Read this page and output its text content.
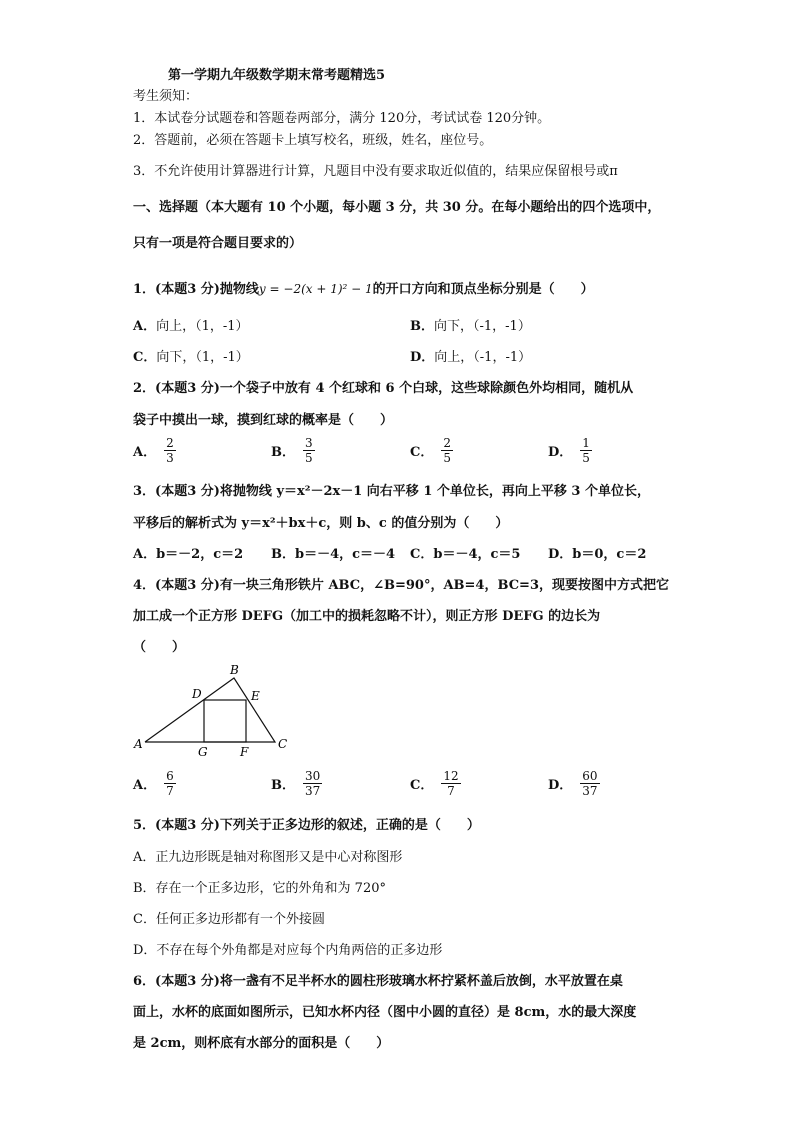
第一学期九年级数学期末常考题精选5
考生须知：
1．本试卷分试题卷和答题卷两部分，满分 120分，考试试卷 120分钟。
2．答题前，必须在答题卡上填写校名，班级，姓名，座位号。
3．不允许使用计算器进行计算，凡题目中没有要求取近似值的，结果应保留根号或π
一、选择题（本大题有 10 个小题，每小题 3 分，共 30 分。在每小题给出的四个选项中，
只有一项是符合题目要求的）
1．(本题3 分)抛物线y = −2(x + 1)² − 1的开口方向和顶点坐标分别是（　　）
A． 向上，（1，-1）	B． 向下，（-1，-1）
C． 向下，（1，-1）	D． 向上，（-1，-1）
2．(本题3 分)一个袋子中放有 4 个红球和 6 个白球，这些球除颜色外均相同，随机从
袋子中摸出一球，摸到红球的概率是（　　）
A． $\frac{2}{3}$	B． $\frac{3}{5}$	C． $\frac{2}{5}$	D． $\frac{1}{5}$
3．(本题3 分)将抛物线 y＝x²－2x－1 向右平移 1 个单位长，再向上平移 3 个单位长，
平移后的解析式为 y＝x²＋bx＋c，则 b、c 的值分别为（　　）
A． b＝－2，c＝2 B． b＝－4，c＝－4 C． b＝－4，c＝5 D． b＝0，c＝2
4．(本题3 分)有一块三角形铁片 ABC，∠B=90°，AB=4，BC=3，现要按图中方式把它
加工成一个正方形 DEFG（加工中的损耗忽略不计），则正方形 DEFG 的边长为
（　　）
B
D	E
A
G	F
C
A． $\frac{6}{7}$	B． $\frac{30}{37}$	C． $\frac{12}{7}$	D． $\frac{60}{37}$
5．(本题3 分)下列关于正多边形的叙述，正确的是（　　）
A．正九边形既是轴对称图形又是中心对称图形
B．存在一个正多边形，它的外角和为 720°
C．任何正多边形都有一个外接圆
D．不存在每个外角都是对应每个内角两倍的正多边形
6．(本题3 分)将一盏有不足半杯水的圆柱形玻璃水杯拧紧杯盖后放倒，水平放置在桌
面上，水杯的底面如图所示，已知水杯内径（图中小圆的直径）是 8cm，水的最大深度
是 2cm，则杯底有水部分的面积是（　　）
